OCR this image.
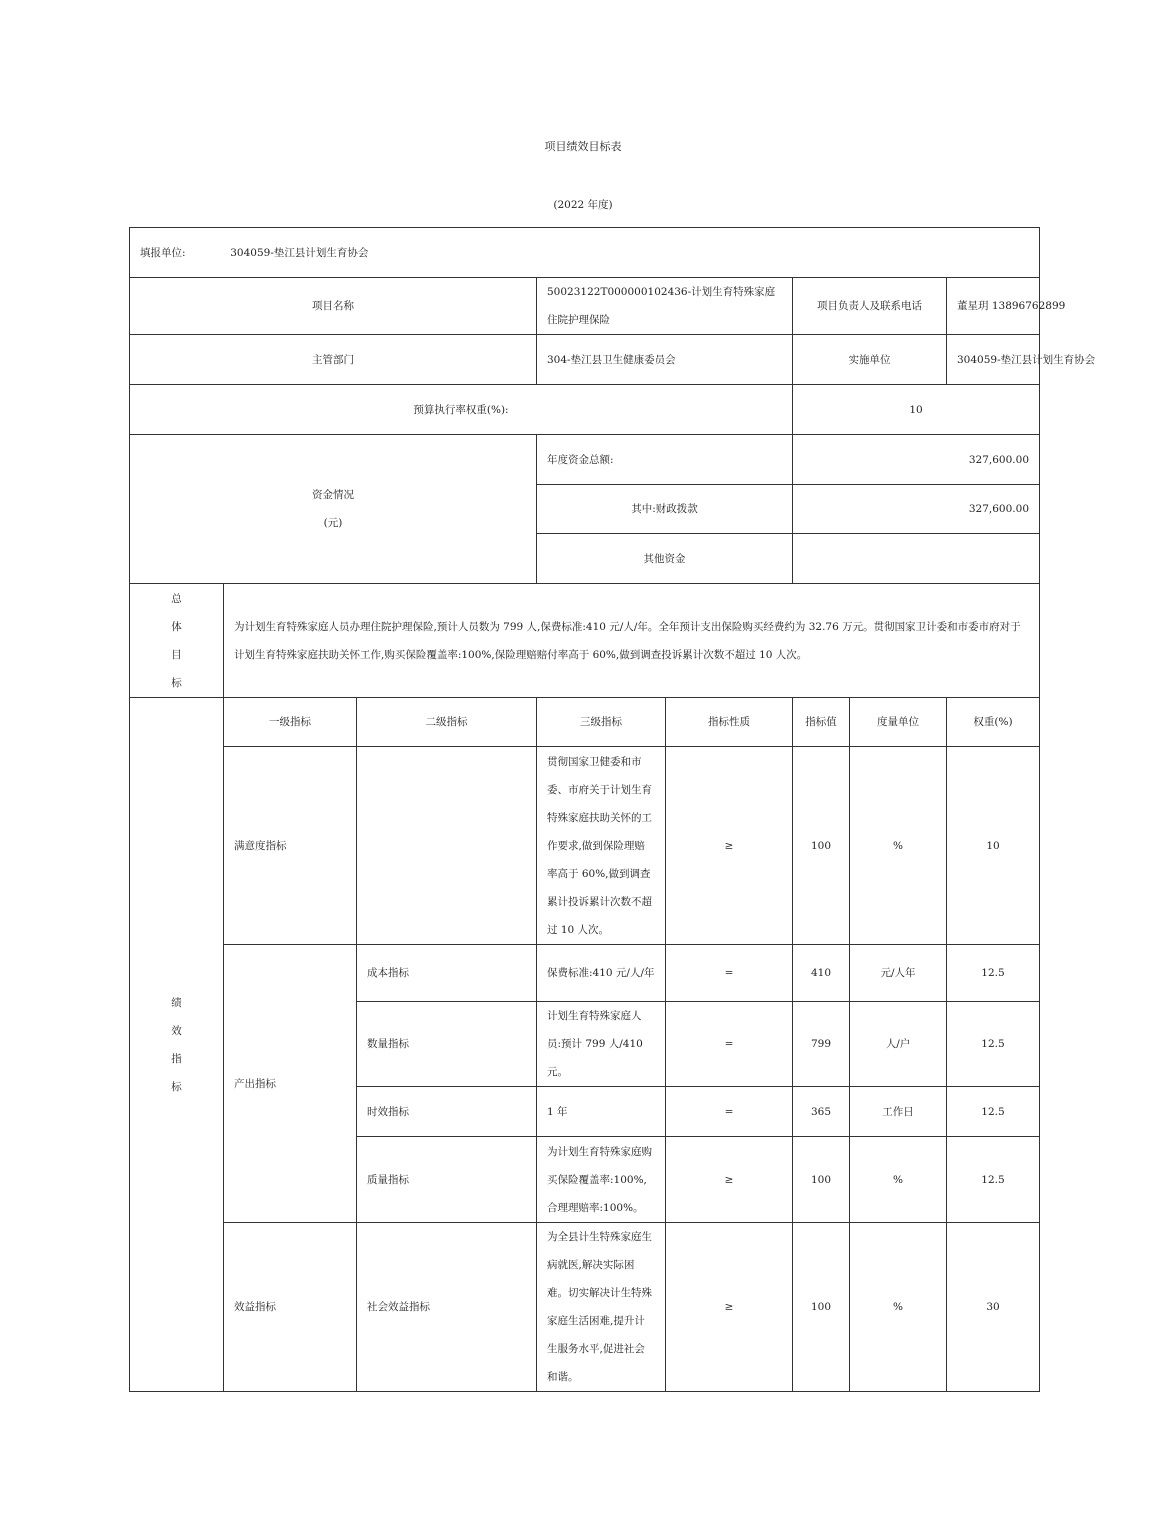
项目绩效目标表
(2022 年度)
填报单位: 304059-垫江县计划生育协会							
项目名称			50023122T000000102436-计划生育特殊家庭住院护理保险		项目负责人及联系电话		董星玥 13896762899
主管部门			304-垫江县卫生健康委员会		实施单位		304059-垫江县计划生育协会
预算执行率权重(%):					10		

资金情况
(元)			年度资金总额:		327,600.00		
			其中:财政拨款		327,600.00		
			其他资金				

总
体
目
标	为计划生育特殊家庭人员办理住院护理保险,预计人员数为 799 人,保费标准:410 元/人/年。全年预计支出保险购买经费约为 32.76 万元。贯彻国家卫计委和市委市府对于计划生育特殊家庭扶助关怀工作,购买保险覆盖率:100%,保险理赔赔付率高于 60%,做到调查投诉累计次数不超过 10 人次。						

绩
效
指
标	一级指标	二级指标	三级指标	指标性质	指标值	度量单位	权重(%)
	满意度指标		贯彻国家卫健委和市委、市府关于计划生育特殊家庭扶助关怀的工作要求,做到保险理赔率高于 60%,做到调查累计投诉累计次数不超过 10 人次。	≥	100	%	10
	产出指标	成本指标	保费标准:410 元/人/年	=	410	元/人年	12.5
		数量指标	计划生育特殊家庭人员:预计 799 人/410 元。	=	799	人/户	12.5
		时效指标	1 年	=	365	工作日	12.5
		质量指标	为计划生育特殊家庭购买保险覆盖率:100%,合理理赔率:100%。	≥	100	%	12.5
	效益指标	社会效益指标	为全县计生特殊家庭生病就医,解决实际困难。切实解决计生特殊家庭生活困难,提升计生服务水平,促进社会和谐。	≥	100	%	30
